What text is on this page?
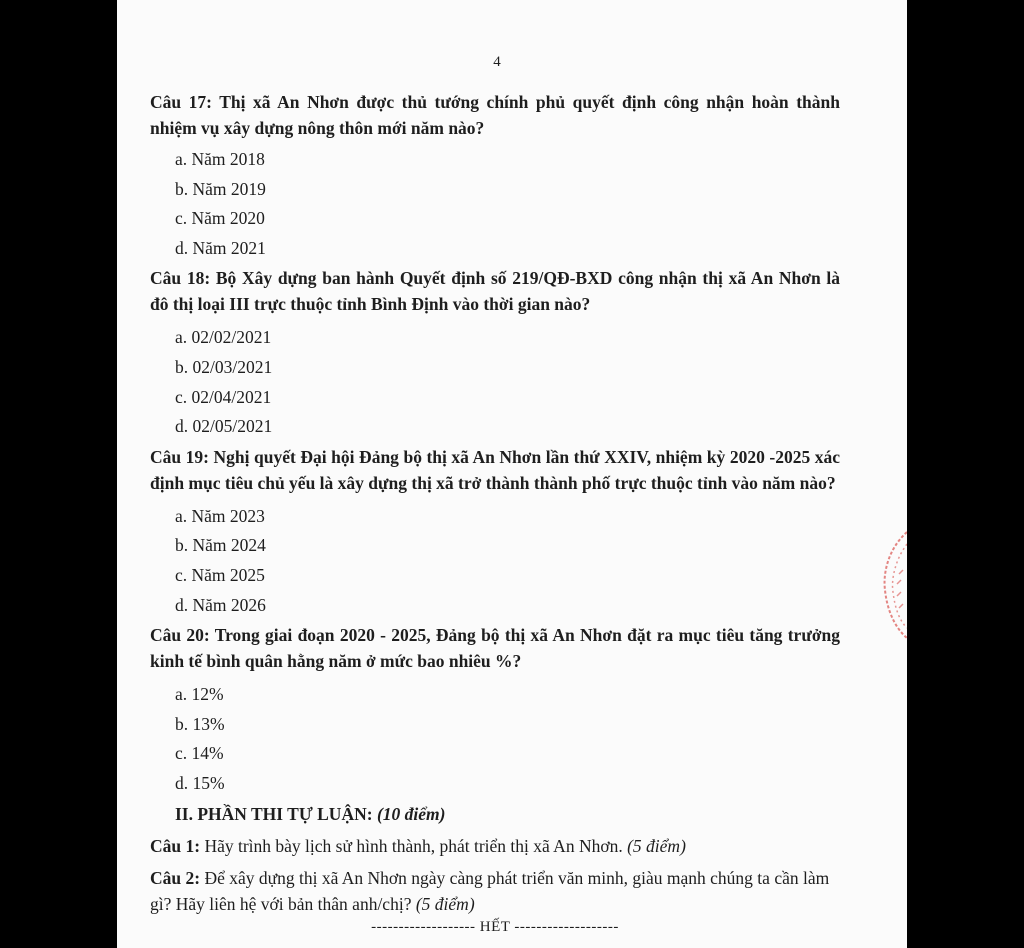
4
Câu 17: Thị xã An Nhơn được thủ tướng chính phủ quyết định công nhận hoàn thành nhiệm vụ xây dựng nông thôn mới năm nào?
a. Năm 2018
b. Năm 2019
c. Năm 2020
d. Năm 2021
Câu 18: Bộ Xây dựng ban hành Quyết định số 219/QĐ-BXD công nhận thị xã An Nhơn là đô thị loại III trực thuộc tỉnh Bình Định vào thời gian nào?
a. 02/02/2021
b. 02/03/2021
c. 02/04/2021
d. 02/05/2021
Câu 19: Nghị quyết Đại hội Đảng bộ thị xã An Nhơn lần thứ XXIV, nhiệm kỳ 2020 -2025 xác định mục tiêu chủ yếu là xây dựng thị xã trở thành thành phố trực thuộc tỉnh vào năm nào?
a. Năm 2023
b. Năm 2024
c. Năm 2025
d. Năm 2026
Câu 20: Trong giai đoạn 2020 - 2025, Đảng bộ thị xã An Nhơn đặt ra mục tiêu tăng trưởng kinh tế bình quân hằng năm ở mức bao nhiêu %?
a. 12%
b. 13%
c. 14%
d. 15%
II. PHẦN THI TỰ LUẬN: (10 điểm)
Câu 1: Hãy trình bày lịch sử hình thành, phát triển thị xã An Nhơn. (5 điểm)
Câu 2: Để xây dựng thị xã An Nhơn ngày càng phát triển văn minh, giàu mạnh chúng ta cần làm gì? Hãy liên hệ với bản thân anh/chị? (5 điểm)
------------------- HẾT -------------------
